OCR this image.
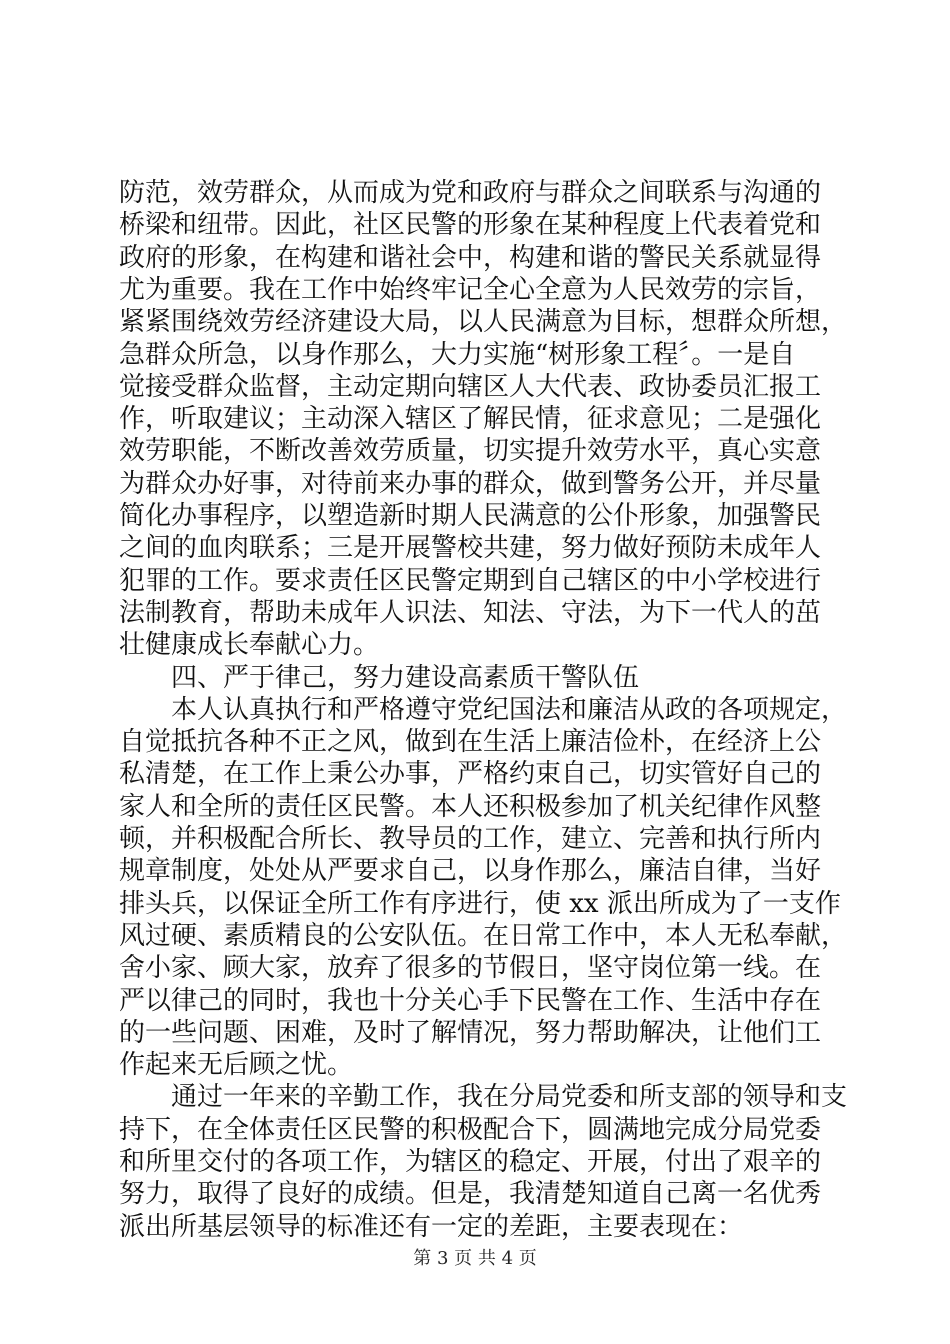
防范，效劳群众，从而成为党和政府与群众之间联系与沟通的
桥梁和纽带。因此，社区民警的形象在某种程度上代表着党和
政府的形象，在构建和谐社会中，构建和谐的警民关系就显得
尤为重要。我在工作中始终牢记全心全意为人民效劳的宗旨，
紧紧围绕效劳经济建设大局，以人民满意为目标，想群众所想，
急群众所急，以身作那么，大力实施“树形象工程〞。一是自
觉接受群众监督，主动定期向辖区人大代表、政协委员汇报工
作，听取建议；主动深入辖区了解民情，征求意见；二是强化
效劳职能，不断改善效劳质量，切实提升效劳水平，真心实意
为群众办好事，对待前来办事的群众，做到警务公开，并尽量
简化办事程序，以塑造新时期人民满意的公仆形象，加强警民
之间的血肉联系；三是开展警校共建，努力做好预防未成年人
犯罪的工作。要求责任区民警定期到自己辖区的中小学校进行
法制教育，帮助未成年人识法、知法、守法，为下一代人的茁
壮健康成长奉献心力。
　　四、严于律己，努力建设高素质干警队伍
　　本人认真执行和严格遵守党纪国法和廉洁从政的各项规定，
自觉抵抗各种不正之风，做到在生活上廉洁俭朴，在经济上公
私清楚，在工作上秉公办事，严格约束自己，切实管好自己的
家人和全所的责任区民警。本人还积极参加了机关纪律作风整
顿，并积极配合所长、教导员的工作，建立、完善和执行所内
规章制度，处处从严要求自己，以身作那么，廉洁自律，当好
排头兵，以保证全所工作有序进行，使 xx 派出所成为了一支作
风过硬、素质精良的公安队伍。在日常工作中，本人无私奉献，
舍小家、顾大家，放弃了很多的节假日，坚守岗位第一线。在
严以律己的同时，我也十分关心手下民警在工作、生活中存在
的一些问题、困难，及时了解情况，努力帮助解决，让他们工
作起来无后顾之忧。
　　通过一年来的辛勤工作，我在分局党委和所支部的领导和支
持下，在全体责任区民警的积极配合下，圆满地完成分局党委
和所里交付的各项工作，为辖区的稳定、开展，付出了艰辛的
努力，取得了良好的成绩。但是，我清楚知道自己离一名优秀
派出所基层领导的标准还有一定的差距，主要表现在：
第 3 页 共 4 页
